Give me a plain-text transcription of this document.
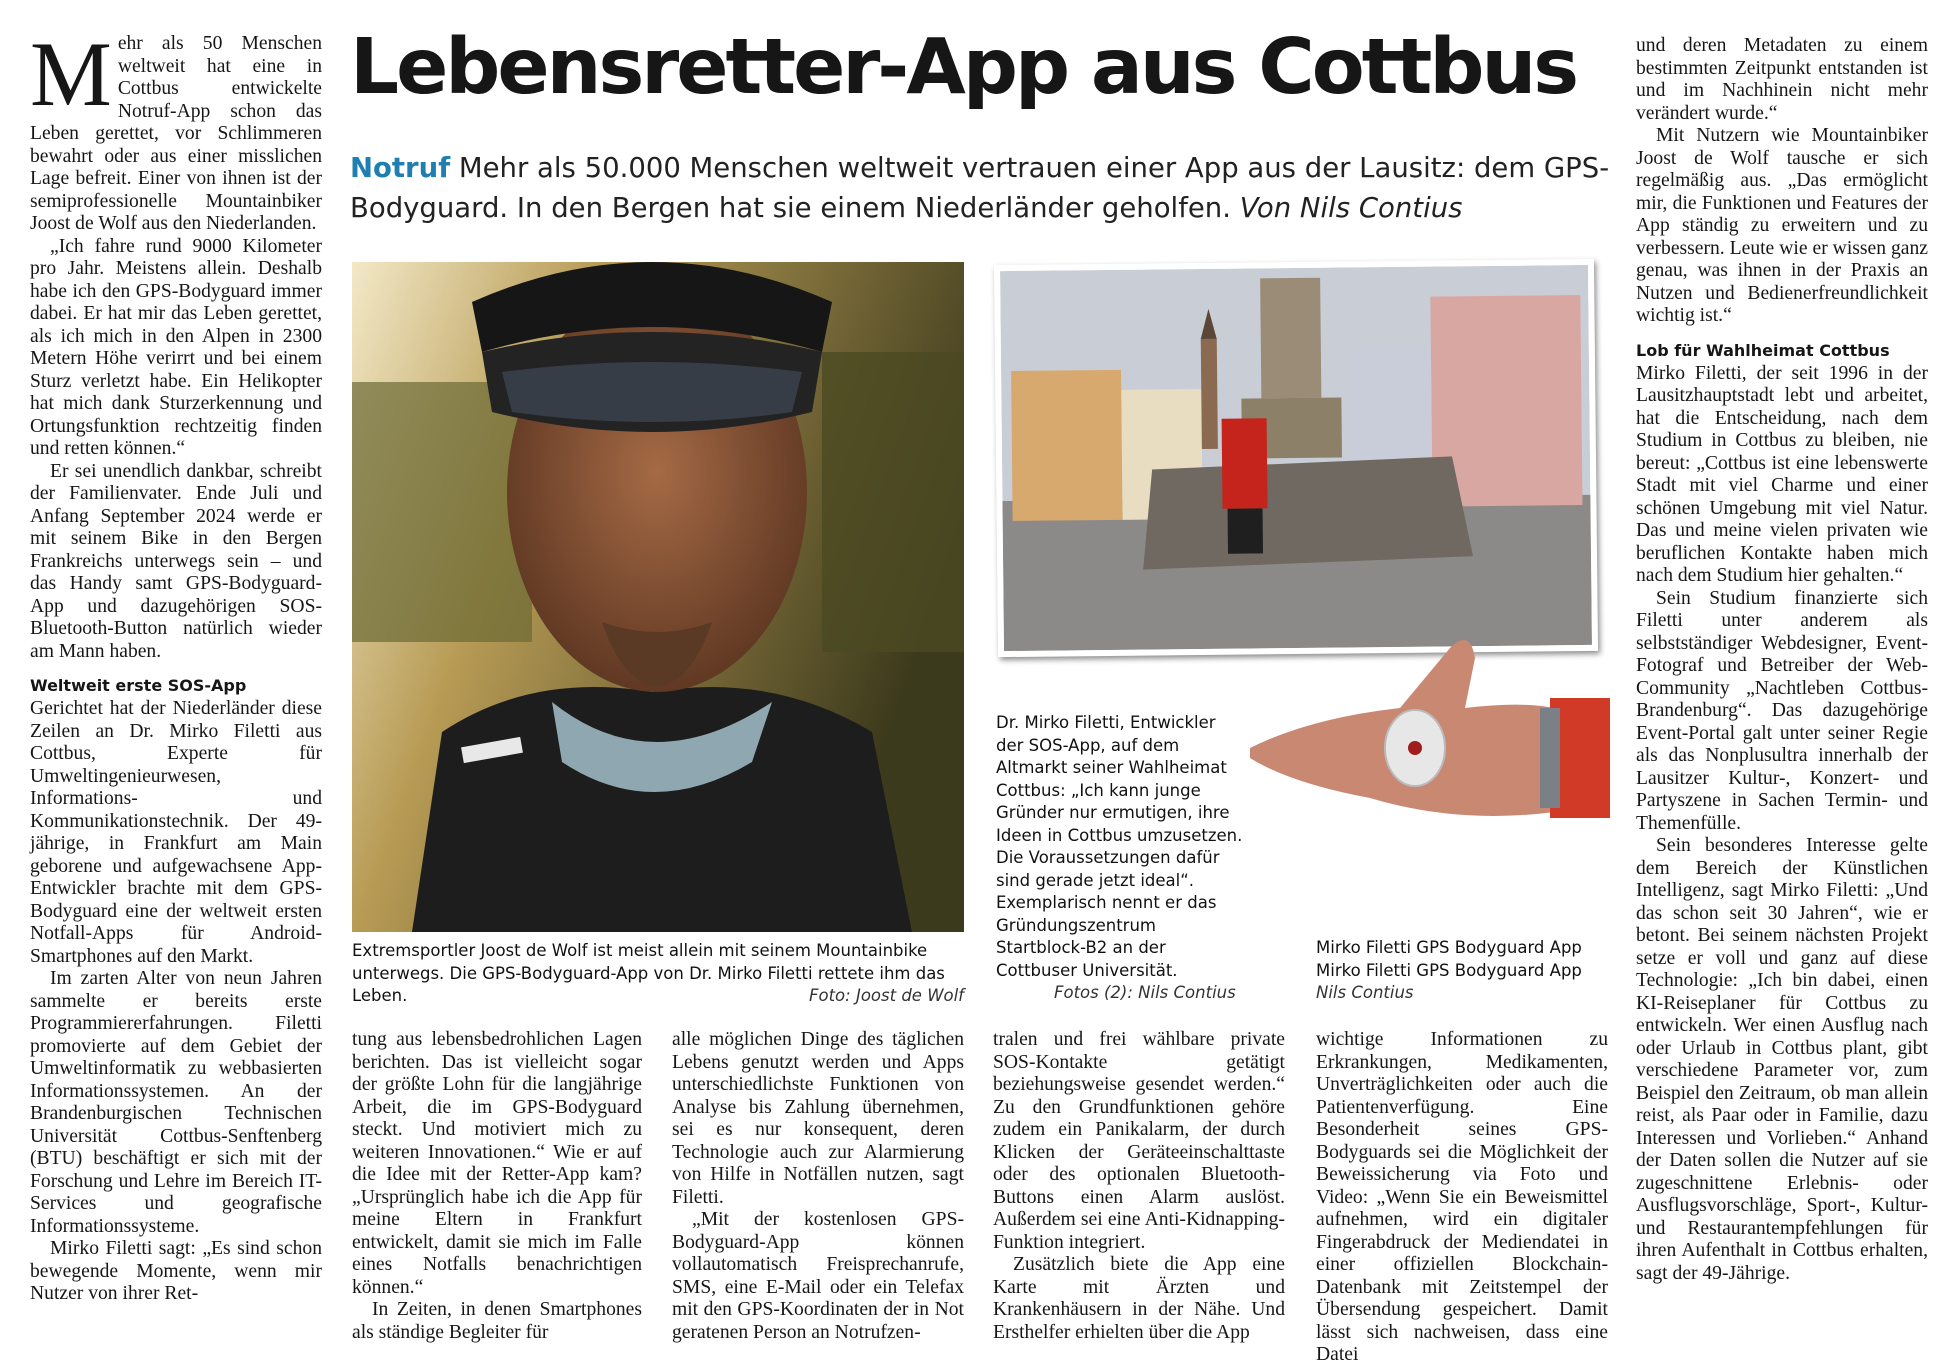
Lebensretter-App aus Cottbus
Notruf Mehr als 50.000 Menschen weltweit vertrauen einer App aus der Lausitz: dem GPS-Bodyguard. In den Bergen hat sie einem Niederländer geholfen. Von Nils Contius

Mehr als 50 Menschen weltweit hat eine in Cottbus entwickelte Notruf-App schon das Leben gerettet, vor Schlimmeren bewahrt oder aus einer misslichen Lage befreit. Einer von ihnen ist der semiprofessionelle Mountainbiker Joost de Wolf aus den Niederlanden.

„Ich fahre rund 9000 Kilometer pro Jahr. Meistens allein. Deshalb habe ich den GPS-Bodyguard immer dabei. Er hat mir das Leben gerettet, als ich mich in den Alpen in 2300 Metern Höhe verirrt und bei einem Sturz verletzt habe. Ein Helikopter hat mich dank Sturzerkennung und Ortungsfunktion rechtzeitig finden und retten können.“

Er sei unendlich dankbar, schreibt der Familienvater. Ende Juli und Anfang September 2024 werde er mit seinem Bike in den Bergen Frankreichs unterwegs sein – und das Handy samt GPS-Bodyguard-App und dazugehörigen SOS-Bluetooth-Button natürlich wieder am Mann haben.

Weltweit erste SOS-App

Gerichtet hat der Niederländer diese Zeilen an Dr. Mirko Filetti aus Cottbus, Experte für Umweltingenieurwesen, Informations- und Kommunikationstechnik. Der 49-jährige, in Frankfurt am Main geborene und aufgewachsene App-Entwickler brachte mit dem GPS-Bodyguard eine der weltweit ersten Notfall-Apps für Android-Smartphones auf den Markt.

Im zarten Alter von neun Jahren sammelte er bereits erste Programmiererfahrungen. Filetti promovierte auf dem Gebiet der Umweltinformatik zu webbasierten Informationssystemen. An der Brandenburgischen Technischen Universität Cottbus-Senftenberg (BTU) beschäftigt er sich mit der Forschung und Lehre im Bereich IT-Services und geografische Informationssysteme.

Mirko Filetti sagt: „Es sind schon bewegende Momente, wenn mir Nutzer von ihrer Ret-

Extremsportler Joost de Wolf ist meist allein mit seinem Mountainbike unterwegs. Die GPS-Bodyguard-App von Dr. Mirko Filetti rettete ihm das Leben.	Foto: Joost de Wolf
Dr. Mirko Filetti, Entwickler der SOS-App, auf dem Altmarkt seiner Wahlheimat Cottbus: „Ich kann junge Gründer nur ermutigen, ihre Ideen in Cottbus umzusetzen. Die Voraussetzungen dafür sind gerade jetzt ideal“. Exemplarisch nennt er das Gründungszentrum Startblock-B2 an der Cottbuser Universität.
Fotos (2): Nils Contius
Mirko Filetti GPS Bodyguard App
Mirko Filetti GPS Bodyguard App
Nils Contius

tung aus lebensbedrohlichen Lagen berichten. Das ist vielleicht sogar der größte Lohn für die langjährige Arbeit, die im GPS-Bodyguard steckt. Und motiviert mich zu weiteren Innovationen.“ Wie er auf die Idee mit der Retter-App kam? „Ursprünglich habe ich die App für meine Eltern in Frankfurt entwickelt, damit sie mich im Falle eines Notfalls benachrichtigen können.“

In Zeiten, in denen Smartphones als ständige Begleiter für

alle möglichen Dinge des täglichen Lebens genutzt werden und Apps unterschiedlichste Funktionen von Analyse bis Zahlung übernehmen, sei es nur konsequent, deren Technologie auch zur Alarmierung von Hilfe in Notfällen nutzen, sagt Filetti.

„Mit der kostenlosen GPS-Bodyguard-App können vollautomatisch Freisprechanrufe, SMS, eine E-Mail oder ein Telefax mit den GPS-Koordinaten der in Not geratenen Person an Notrufzen-

tralen und frei wählbare private SOS-Kontakte getätigt beziehungsweise gesendet werden.“ Zu den Grundfunktionen gehöre zudem ein Panikalarm, der durch Klicken der Geräteeinschalttaste oder des optionalen Bluetooth-Buttons einen Alarm auslöst. Außerdem sei eine Anti-Kidnapping-Funktion integriert.

Zusätzlich biete die App eine Karte mit Ärzten und Krankenhäusern in der Nähe. Und Ersthelfer erhielten über die App

wichtige Informationen zu Erkrankungen, Medikamenten, Unverträglichkeiten oder auch die Patientenverfügung. Eine Besonderheit seines GPS-Bodyguards sei die Möglichkeit der Beweissicherung via Foto und Video: „Wenn Sie ein Beweismittel aufnehmen, wird ein digitaler Fingerabdruck der Mediendatei in einer offiziellen Blockchain-Datenbank mit Zeitstempel der Übersendung gespeichert. Damit lässt sich nachweisen, dass eine Datei

und deren Metadaten zu einem bestimmten Zeitpunkt entstanden ist und im Nachhinein nicht mehr verändert wurde.“

Mit Nutzern wie Mountainbiker Joost de Wolf tausche er sich regelmäßig aus. „Das ermöglicht mir, die Funktionen und Features der App ständig zu erweitern und zu verbessern. Leute wie er wissen ganz genau, was ihnen in der Praxis an Nutzen und Bedienerfreundlichkeit wichtig ist.“

Lob für Wahlheimat Cottbus

Mirko Filetti, der seit 1996 in der Lausitzhauptstadt lebt und arbeitet, hat die Entscheidung, nach dem Studium in Cottbus zu bleiben, nie bereut: „Cottbus ist eine lebenswerte Stadt mit viel Charme und einer schönen Umgebung mit viel Natur. Das und meine vielen privaten wie beruflichen Kontakte haben mich nach dem Studium hier gehalten.“

Sein Studium finanzierte sich Filetti unter anderem als selbstständiger Webdesigner, Event-Fotograf und Betreiber der Web-Community „Nachtleben Cottbus-Brandenburg“. Das dazugehörige Event-Portal galt unter seiner Regie als das Nonplusultra innerhalb der Lausitzer Kultur-, Konzert- und Partyszene in Sachen Termin- und Themenfülle.

Sein besonderes Interesse gelte dem Bereich der Künstlichen Intelligenz, sagt Mirko Filetti: „Und das schon seit 30 Jahren“, wie er betont. Bei seinem nächsten Projekt setze er voll und ganz auf diese Technologie: „Ich bin dabei, einen KI-Reiseplaner für Cottbus zu entwickeln. Wer einen Ausflug nach oder Urlaub in Cottbus plant, gibt verschiedene Parameter vor, zum Beispiel den Zeitraum, ob man allein reist, als Paar oder in Familie, dazu Interessen und Vorlieben.“ Anhand der Daten sollen die Nutzer auf sie zugeschnittene Erlebnis- oder Ausflugsvorschläge, Sport-, Kultur- und Restaurantempfehlungen für ihren Aufenthalt in Cottbus erhalten, sagt der 49-Jährige.
